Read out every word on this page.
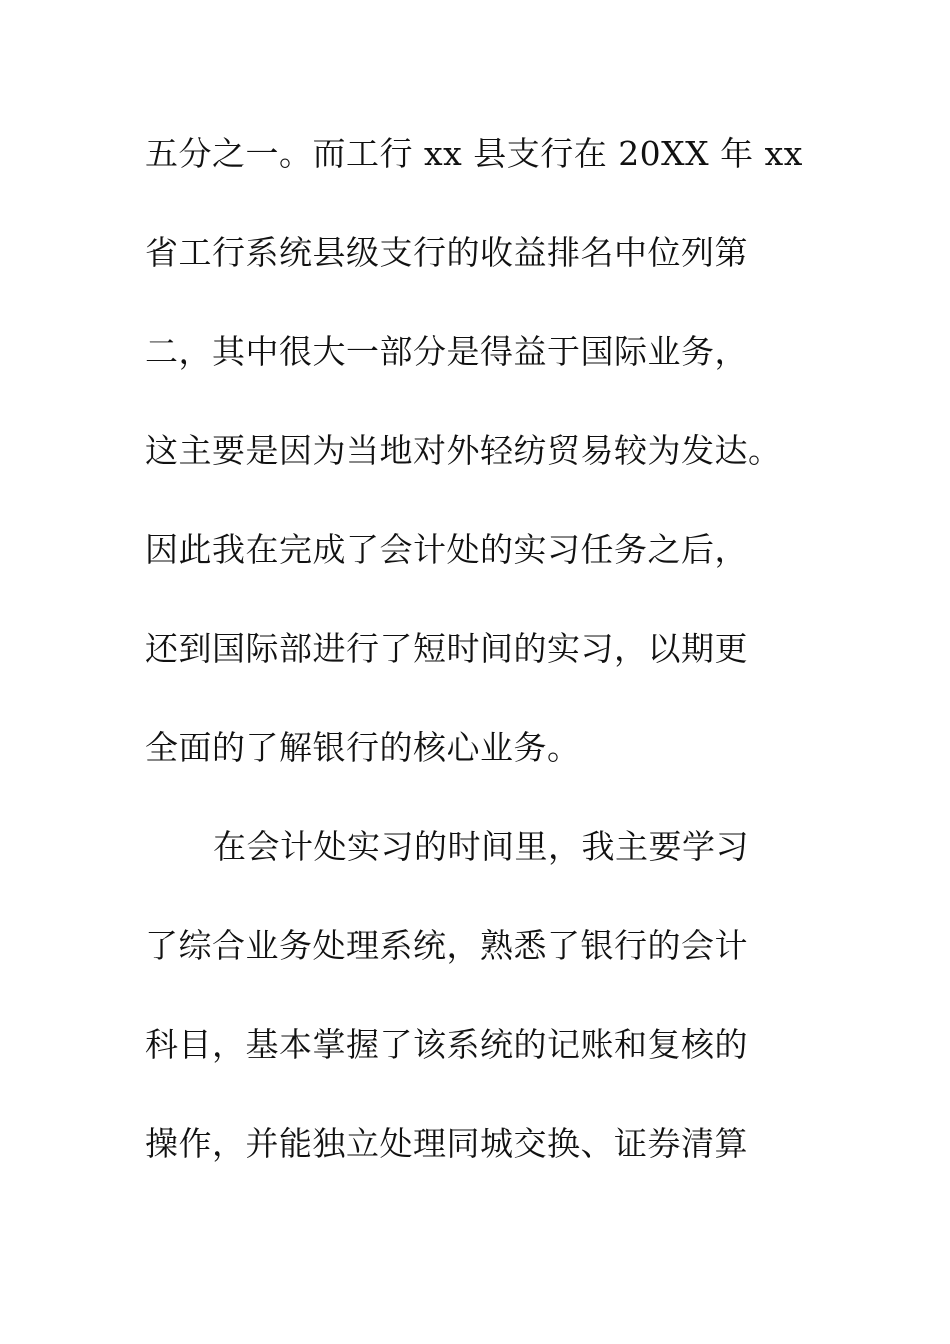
五分之一。而工行 xx 县支行在 20XX 年 xx
省工行系统县级支行的收益排名中位列第
二，其中很大一部分是得益于国际业务，
这主要是因为当地对外轻纺贸易较为发达。
因此我在完成了会计处的实习任务之后，
还到国际部进行了短时间的实习，以期更
全面的了解银行的核心业务。
在会计处实习的时间里，我主要学习
了综合业务处理系统，熟悉了银行的会计
科目，基本掌握了该系统的记账和复核的
操作，并能独立处理同城交换、证券清算
